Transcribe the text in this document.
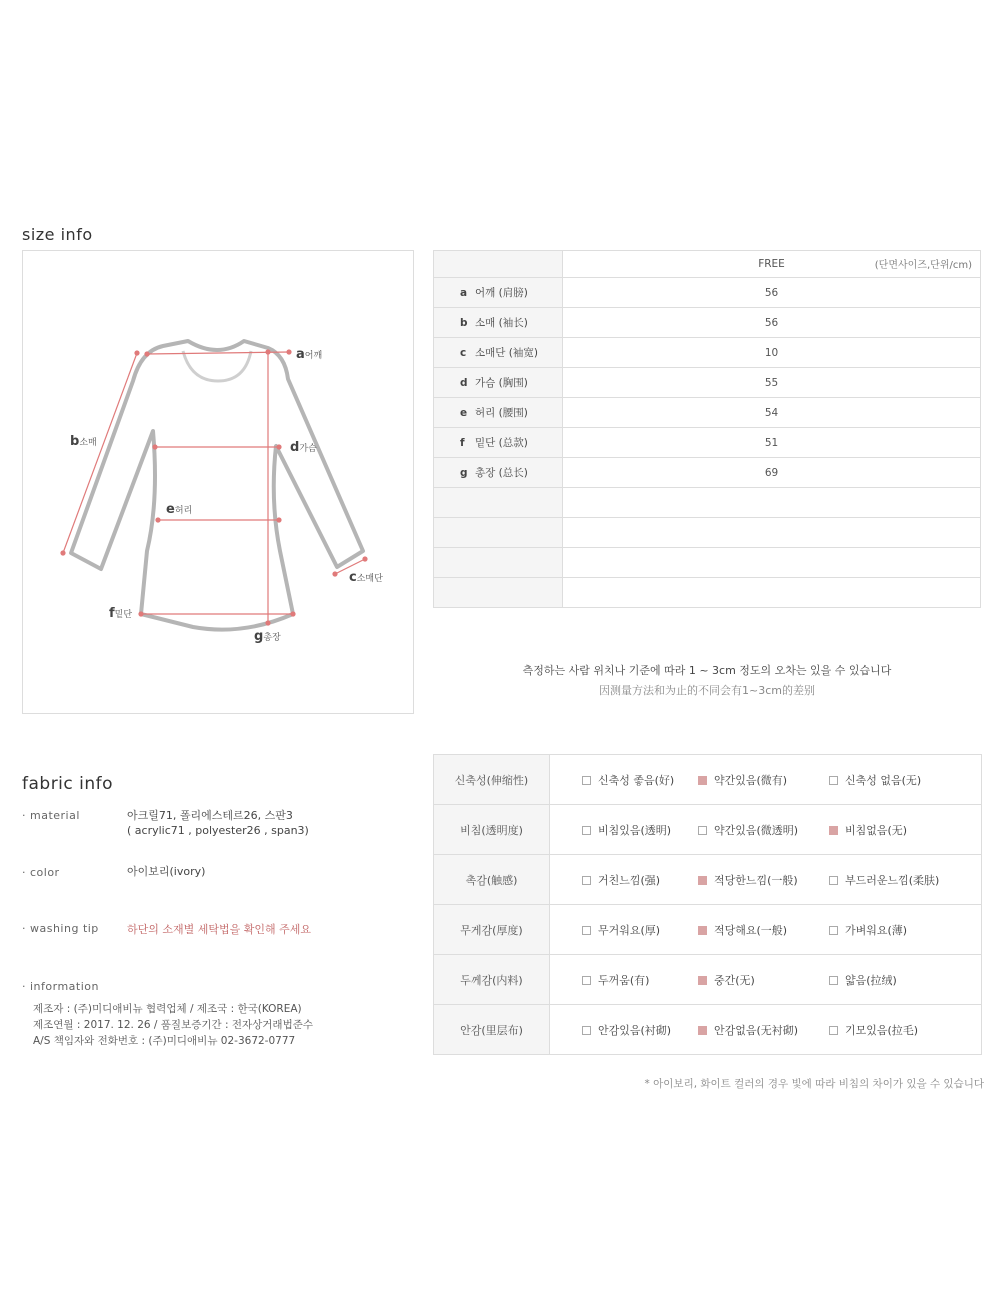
size info
a어깨
b소매
c소매단
d가슴
e허리
f밑단
g총장
	FREE (단면사이즈,단위/cm)

a 어깨 (肩膀)	56
b 소매 (袖长)	56
c 소매단 (袖宽)	10
d 가슴 (胸围)	55
e 허리 (腰围)	54
f 밑단 (总款)	51
g 총장 (总长)	69

측정하는 사람 위치나 기준에 따라 1 ~ 3cm 정도의 오차는 있을 수 있습니다
因测量方法和为止的不同会有1~3cm的差别
fabric info
· material	아크릴71, 폴리에스테르26, 스판3
( acrylic71 , polyester26 , span3)
· color	아이보리(ivory)
· washing tip	하단의 소재별 세탁법을 확인해 주세요
· information
제조자 : (주)미디애비뉴 협력업체 / 제조국 : 한국(KOREA)
제조연월 : 2017. 12. 26 / 품질보증기간 : 전자상거래법준수
A/S 책임자와 전화번호 : (주)미디애비뉴 02-3672-0777
신축성(伸缩性)	신축성 좋음(好) 약간있음(微有) 신축성 없음(无)
비침(透明度)	비침있음(透明) 약간있음(微透明) 비침없음(无)
촉감(触感)	거친느낌(强) 적당한느낌(一般) 부드러운느낌(柔肤)
무게감(厚度)	무거워요(厚) 적당해요(一般) 가벼워요(薄)
두께감(内料)	두꺼움(有) 중간(无) 얇음(拉绒)
안감(里层布)	안감있음(衬砌) 안감없음(无衬砌) 기모있음(拉毛)
* 아이보리, 화이트 컬러의 경우 빛에 따라 비침의 차이가 있을 수 있습니다
